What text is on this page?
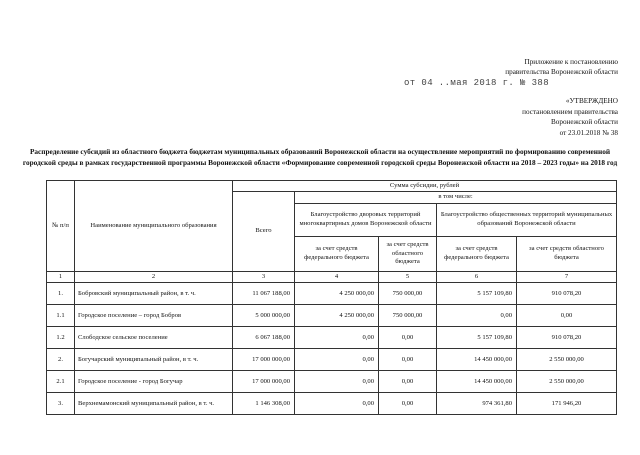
Приложение к постановлению
правительства Воронежской области
от 04 ..мая 2018 г. № 388
«УТВЕРЖДЕНО
постановлением правительства
Воронежской области
от 23.01.2018 № 38
Распределение субсидий из областного бюджета бюджетам муниципальных образований Воронежской области на осуществление мероприятий по формированию современной городской среды в рамках государственной программы Воронежской области «Формирование современной городской среды Воронежской области на 2018 – 2023 годы» на 2018 год
№ п/п	Наименование муниципального образования	Сумма субсидии, рублей				
		Всего	в том числе:			
			Благоустройство дворовых территорий многоквартирных домов Воронежской области		Благоустройство общественных территорий муниципальных образований Воронежской области	
			за счет средств федерального бюджета	за счет средств областного бюджета	за счет средств федерального бюджета	за счет средств областного бюджета
1	2	3	4	5	6	7
1.	Бобровский муниципальный район, в т. ч.	11 067 188,00	4 250 000,00	750 000,00	5 157 109,80	910 078,20
1.1	Городское поселение – город Бобров	5 000 000,00	4 250 000,00	750 000,00	0,00	0,00
1.2	Слободское сельское поселение	6 067 188,00	0,00	0,00	5 157 109,80	910 078,20
2.	Богучарский муниципальный район, в т. ч.	17 000 000,00	0,00	0,00	14 450 000,00	2 550 000,00
2.1	Городское поселение - город Богучар	17 000 000,00	0,00	0,00	14 450 000,00	2 550 000,00
3.	Верхнемамонский муниципальный район, в т. ч.	1 146 308,00	0,00	0,00	974 361,80	171 946,20
